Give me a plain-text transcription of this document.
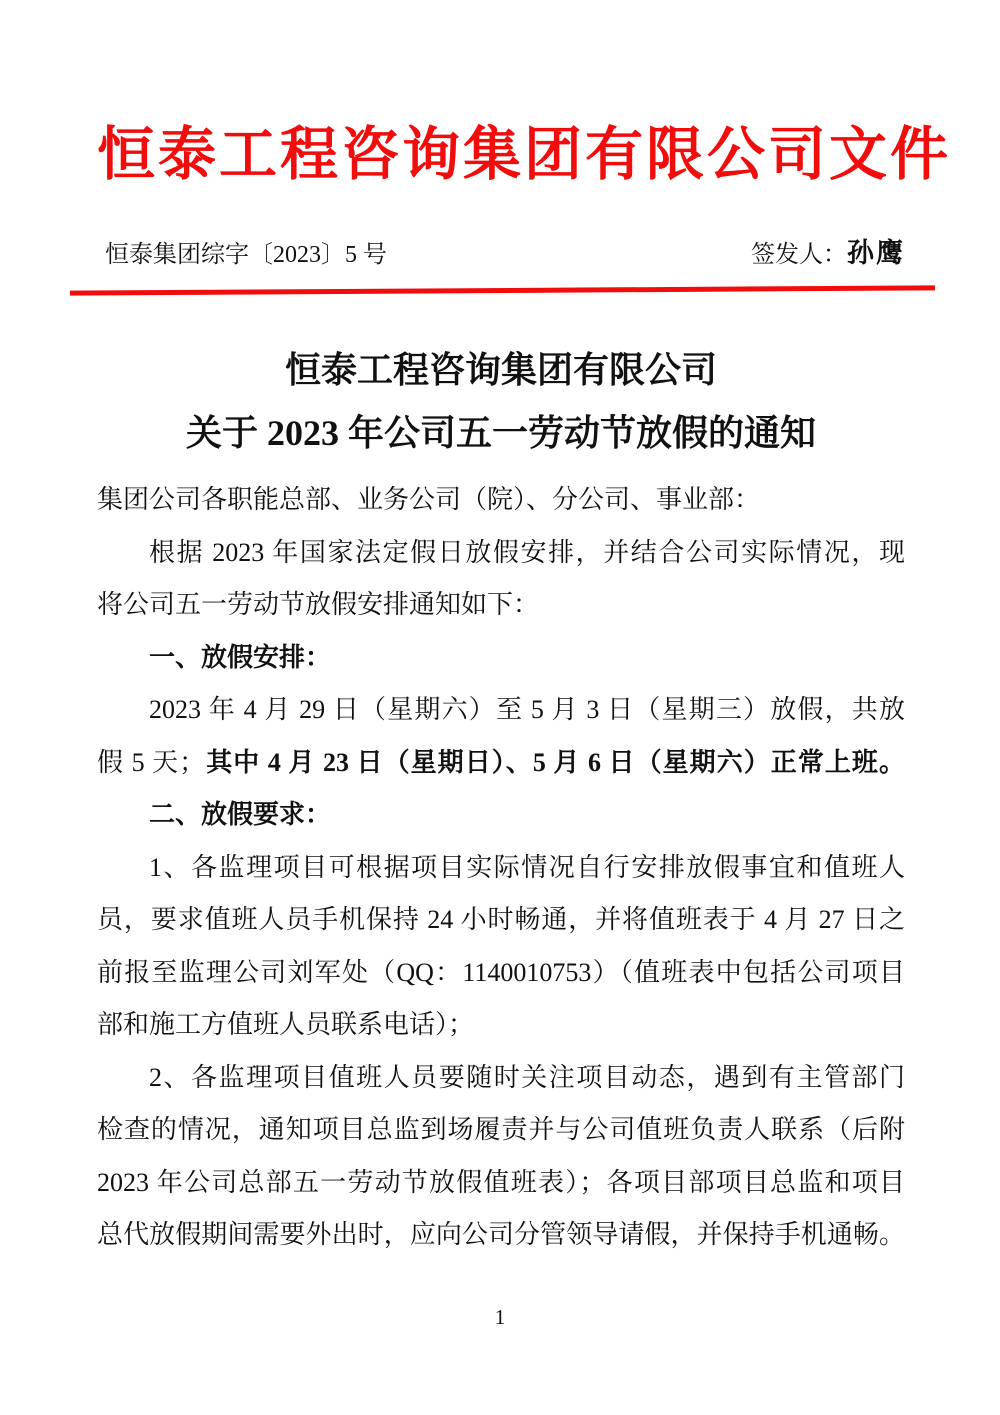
恒泰工程咨询集团有限公司文件
恒泰集团综字〔2023〕5 号	签发人：孙鹰
恒泰工程咨询集团有限公司
关于 2023 年公司五一劳动节放假的通知
集团公司各职能总部、业务公司（院）、分公司、事业部：
根据 2023 年国家法定假日放假安排，并结合公司实际情况，现
将公司五一劳动节放假安排通知如下：
一、放假安排：
2023 年 4 月 29 日（星期六）至 5 月 3 日（星期三）放假，共放
假 5 天；其中 4 月 23 日（星期日）、5 月 6 日（星期六）正常上班。
二、放假要求：
1、各监理项目可根据项目实际情况自行安排放假事宜和值班人
员，要求值班人员手机保持 24 小时畅通，并将值班表于 4 月 27 日之
前报至监理公司刘军处（QQ：1140010753）（值班表中包括公司项目
部和施工方值班人员联系电话）；
2、各监理项目值班人员要随时关注项目动态，遇到有主管部门
检查的情况，通知项目总监到场履责并与公司值班负责人联系（后附
2023 年公司总部五一劳动节放假值班表）；各项目部项目总监和项目
总代放假期间需要外出时，应向公司分管领导请假，并保持手机通畅。
1
